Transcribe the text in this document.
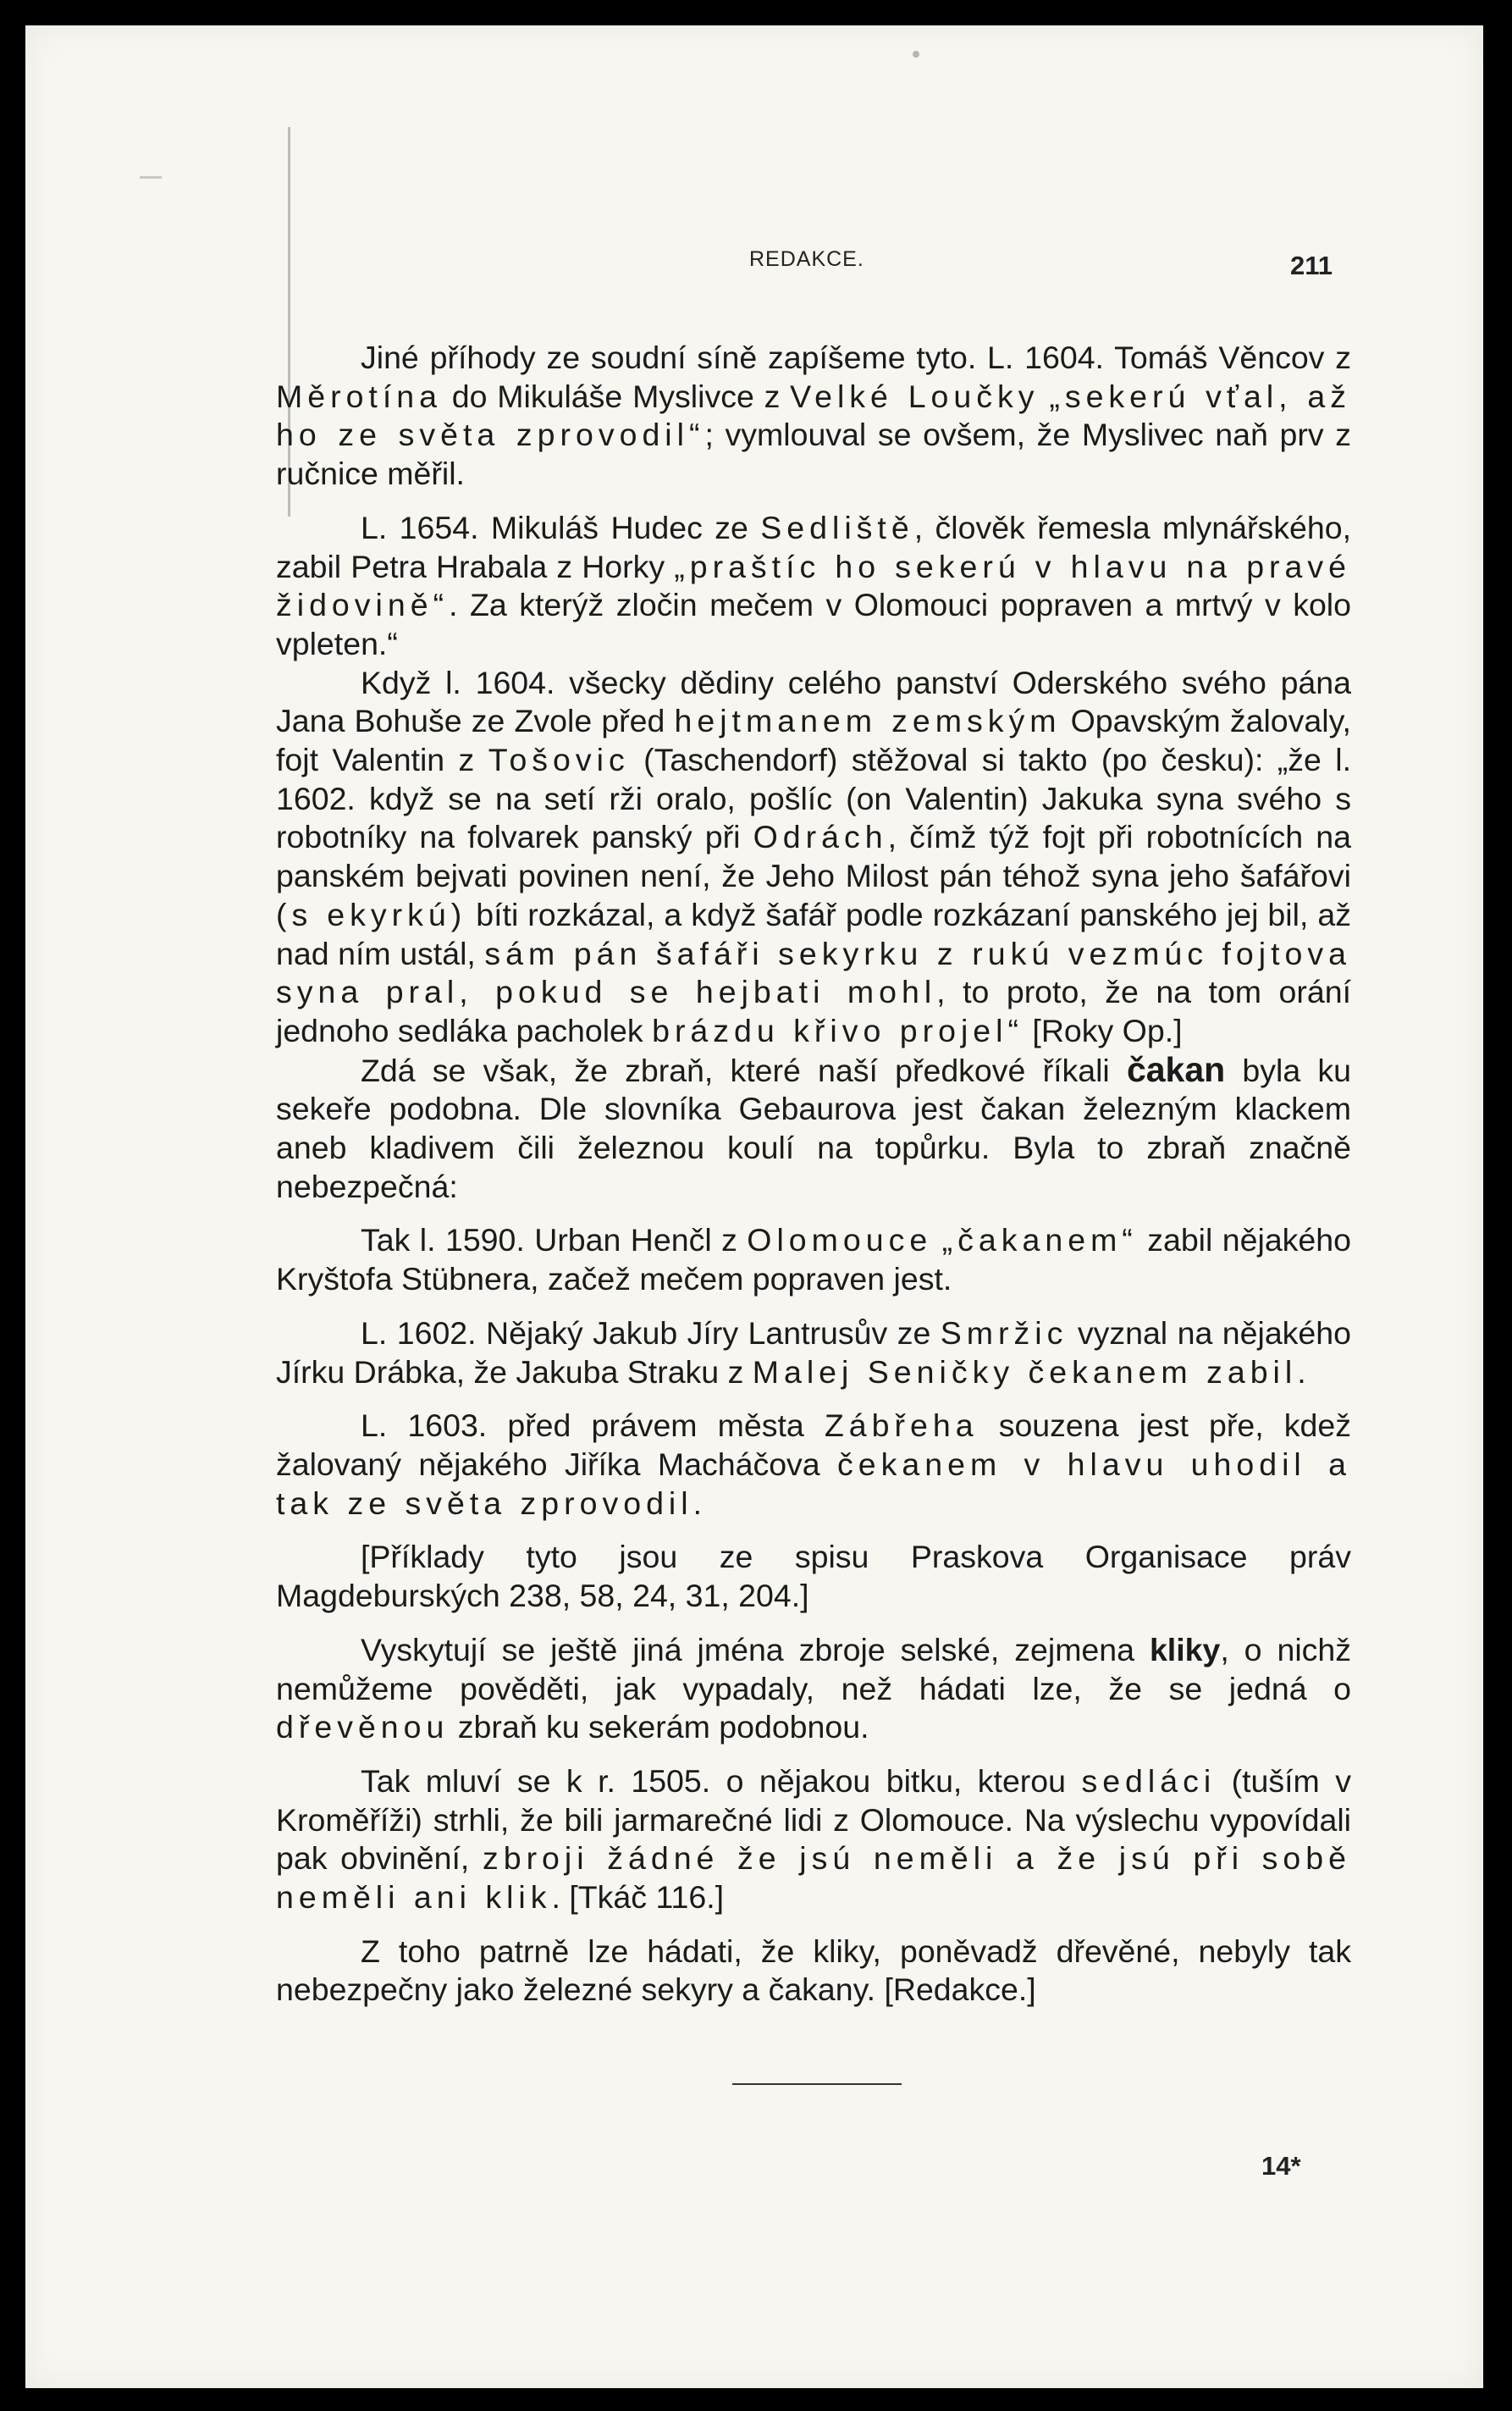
REDAKCE.	211

Jiné příhody ze soudní síně zapíšeme tyto. L. 1604. Tomáš Věncov z Měrotína do Mikuláše Myslivce z Velké Loučky „sekerú vťal, až ho ze světa zprovodil“; vymlouval se ovšem, že Myslivec naň prv z ručnice měřil.

L. 1654. Mikuláš Hudec ze Sedliště, člověk řemesla mlynářského, zabil Petra Hrabala z Horky „praštíc ho sekerú v hlavu na pravé židovině“. Za kterýž zločin mečem v Olomouci popraven a mrtvý v kolo vpleten.“

Když l. 1604. všecky dědiny celého panství Oderského svého pána Jana Bohuše ze Zvole před hejtmanem zemským Opavským žalovaly, fojt Valentin z Tošovic (Taschendorf) stěžoval si takto (po česku): „že l. 1602. když se na setí rži oralo, pošlíc (on Valentin) Jakuka syna svého s robotníky na folvarek panský při Odrách, čímž týž fojt při robotnících na panském bejvati povinen není, že Jeho Milost pán téhož syna jeho šafářovi (s ekyrkú) bíti rozkázal, a když šafář podle rozkázaní panského jej bil, až nad ním ustál, sám pán šafáři sekyrku z rukú vezmúc fojtova syna pral, pokud se hejbati mohl, to proto, že na tom orání jednoho sedláka pacholek brázdu křivo projel“ [Roky Op.]

Zdá se však, že zbraň, které naší předkové říkali čakan byla ku sekeře podobna. Dle slovníka Gebaurova jest čakan železným klackem aneb kladivem čili železnou koulí na topůrku. Byla to zbraň značně nebezpečná:

Tak l. 1590. Urban Henčl z Olomouce „čakanem“ zabil nějakého Kryštofa Stübnera, začež mečem popraven jest.

L. 1602. Nějaký Jakub Jíry Lantrusův ze Smržic vyznal na nějakého Jírku Drábka, že Jakuba Straku z Malej Seničky čekanem zabil.

L. 1603. před právem města Zábřeha souzena jest pře, kdež žalovaný nějakého Jiříka Macháčova čekanem v hlavu uhodil a tak ze světa zprovodil.

[Příklady tyto jsou ze spisu Praskova Organisace práv Magdeburských 238, 58, 24, 31, 204.]

Vyskytují se ještě jiná jména zbroje selské, zejmena kliky, o nichž nemůžeme pověděti, jak vypadaly, než hádati lze, že se jedná o dřevěnou zbraň ku sekerám podobnou.

Tak mluví se k r. 1505. o nějakou bitku, kterou sedláci (tuším v Kroměříži) strhli, že bili jarmarečné lidi z Olomouce. Na výslechu vypovídali pak obvinění, zbroji žádné že jsú neměli a že jsú při sobě neměli ani klik. [Tkáč 116.]

Z toho patrně lze hádati, že kliky, poněvadž dřevěné, nebyly tak nebezpečny jako železné sekyry a čakany. [Redakce.]

14*
